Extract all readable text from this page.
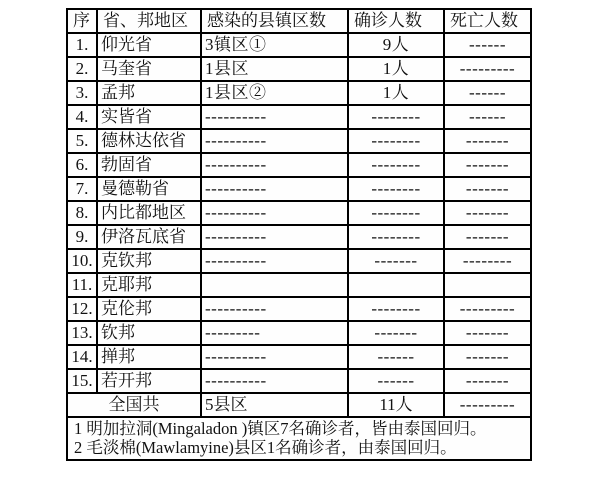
序	省、邦地区	感染的县镇区数	确诊人数	死亡人数
1.	仰光省	3镇区①	9人	------
2.	马奎省	1县区	1人	---------
3.	孟邦	1县区②	1人	------
4.	实皆省	----------	--------	------
5.	德林达依省	----------	--------	-------
6.	勃固省	----------	--------	-------
7.	曼德勒省	----------	--------	-------
8.	内比都地区	----------	--------	-------
9.	伊洛瓦底省	----------	--------	-------
10.	克钦邦	----------	-------	--------
11.	克耶邦			
12.	克伦邦	----------	--------	---------
13.	钦邦	---------	-------	-------
14.	掸邦	----------	------	-------
15.	若开邦	----------	------	-------
全国共		5县区	11人	---------

1 明加拉洞(Mingaladon )镇区7名确诊者，皆由泰国回归。
2 毛淡棉(Mawlamyine)县区1名确诊者，由泰国回归。				
